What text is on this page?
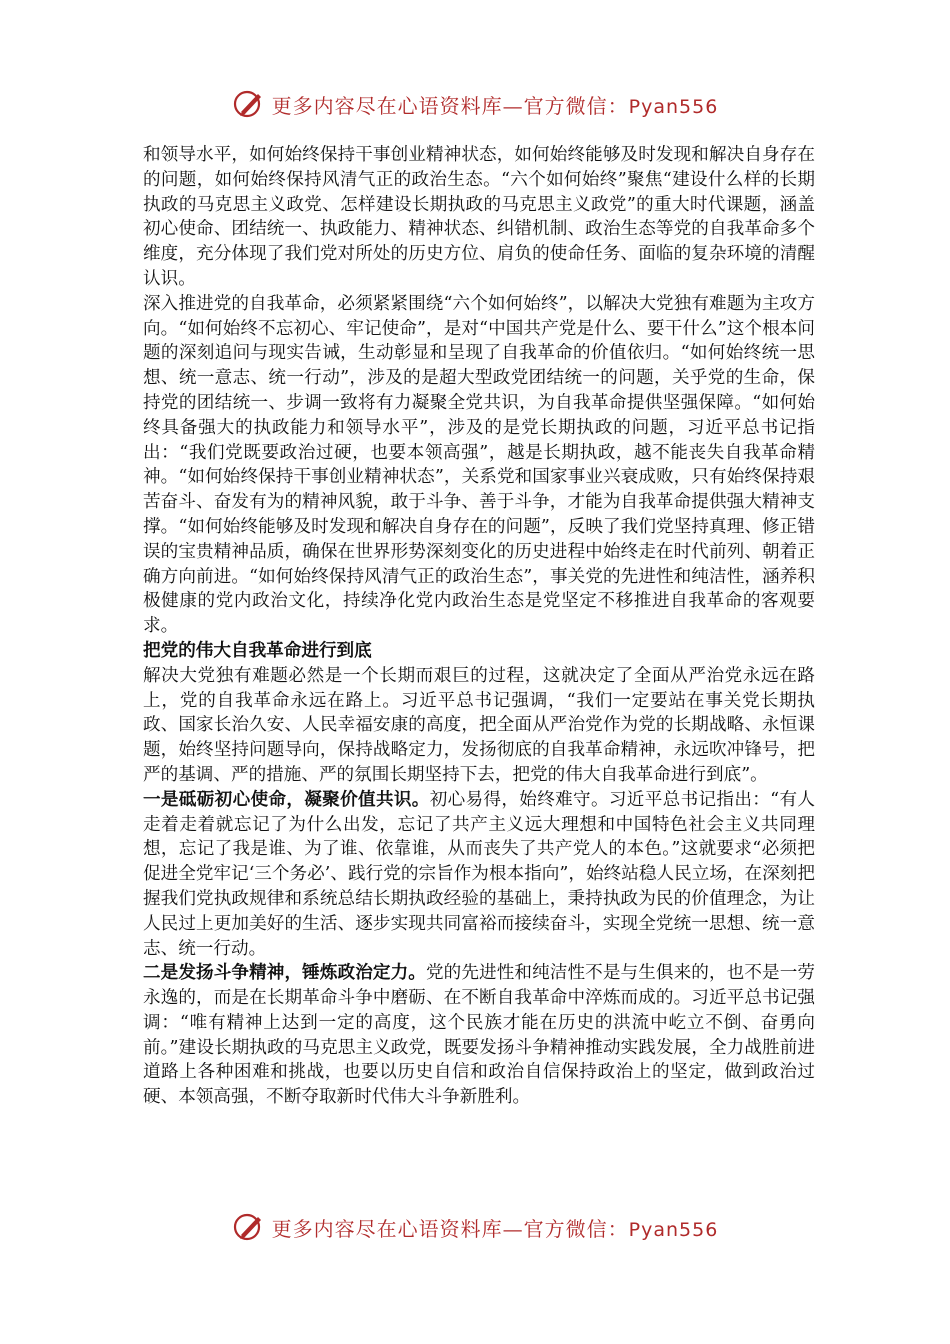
更多内容尽在心语资料库—官方微信：Pyan556

和领导水平，如何始终保持干事创业精神状态，如何始终能够及时发现和解决自身存在的问题，如何始终保持风清气正的政治生态。“六个如何始终”聚焦“建设什么样的长期执政的马克思主义政党、怎样建设长期执政的马克思主义政党”的重大时代课题，涵盖初心使命、团结统一、执政能力、精神状态、纠错机制、政治生态等党的自我革命多个维度，充分体现了我们党对所处的历史方位、肩负的使命任务、面临的复杂环境的清醒认识。

深入推进党的自我革命，必须紧紧围绕“六个如何始终”，以解决大党独有难题为主攻方向。“如何始终不忘初心、牢记使命”，是对“中国共产党是什么、要干什么”这个根本问题的深刻追问与现实告诫，生动彰显和呈现了自我革命的价值依归。“如何始终统一思想、统一意志、统一行动”，涉及的是超大型政党团结统一的问题，关乎党的生命，保持党的团结统一、步调一致将有力凝聚全党共识，为自我革命提供坚强保障。“如何始终具备强大的执政能力和领导水平”，涉及的是党长期执政的问题，习近平总书记指出：“我们党既要政治过硬，也要本领高强”，越是长期执政，越不能丧失自我革命精神。“如何始终保持干事创业精神状态”，关系党和国家事业兴衰成败，只有始终保持艰苦奋斗、奋发有为的精神风貌，敢于斗争、善于斗争，才能为自我革命提供强大精神支撑。“如何始终能够及时发现和解决自身存在的问题”，反映了我们党坚持真理、修正错误的宝贵精神品质，确保在世界形势深刻变化的历史进程中始终走在时代前列、朝着正确方向前进。“如何始终保持风清气正的政治生态”，事关党的先进性和纯洁性，涵养积极健康的党内政治文化，持续净化党内政治生态是党坚定不移推进自我革命的客观要求。

把党的伟大自我革命进行到底

解决大党独有难题必然是一个长期而艰巨的过程，这就决定了全面从严治党永远在路上，党的自我革命永远在路上。习近平总书记强调，“我们一定要站在事关党长期执政、国家长治久安、人民幸福安康的高度，把全面从严治党作为党的长期战略、永恒课题，始终坚持问题导向，保持战略定力，发扬彻底的自我革命精神，永远吹冲锋号，把严的基调、严的措施、严的氛围长期坚持下去，把党的伟大自我革命进行到底”。

一是砥砺初心使命，凝聚价值共识。初心易得，始终难守。习近平总书记指出：“有人走着走着就忘记了为什么出发，忘记了共产主义远大理想和中国特色社会主义共同理想，忘记了我是谁、为了谁、依靠谁，从而丧失了共产党人的本色。”这就要求“必须把促进全党牢记‘三个务必’、践行党的宗旨作为根本指向”，始终站稳人民立场，在深刻把握我们党执政规律和系统总结长期执政经验的基础上，秉持执政为民的价值理念，为让人民过上更加美好的生活、逐步实现共同富裕而接续奋斗，实现全党统一思想、统一意志、统一行动。

二是发扬斗争精神，锤炼政治定力。党的先进性和纯洁性不是与生俱来的，也不是一劳永逸的，而是在长期革命斗争中磨砺、在不断自我革命中淬炼而成的。习近平总书记强调：“唯有精神上达到一定的高度，这个民族才能在历史的洪流中屹立不倒、奋勇向前。”建设长期执政的马克思主义政党，既要发扬斗争精神推动实践发展，全力战胜前进道路上各种困难和挑战，也要以历史自信和政治自信保持政治上的坚定，做到政治过硬、本领高强，不断夺取新时代伟大斗争新胜利。

更多内容尽在心语资料库—官方微信：Pyan556
